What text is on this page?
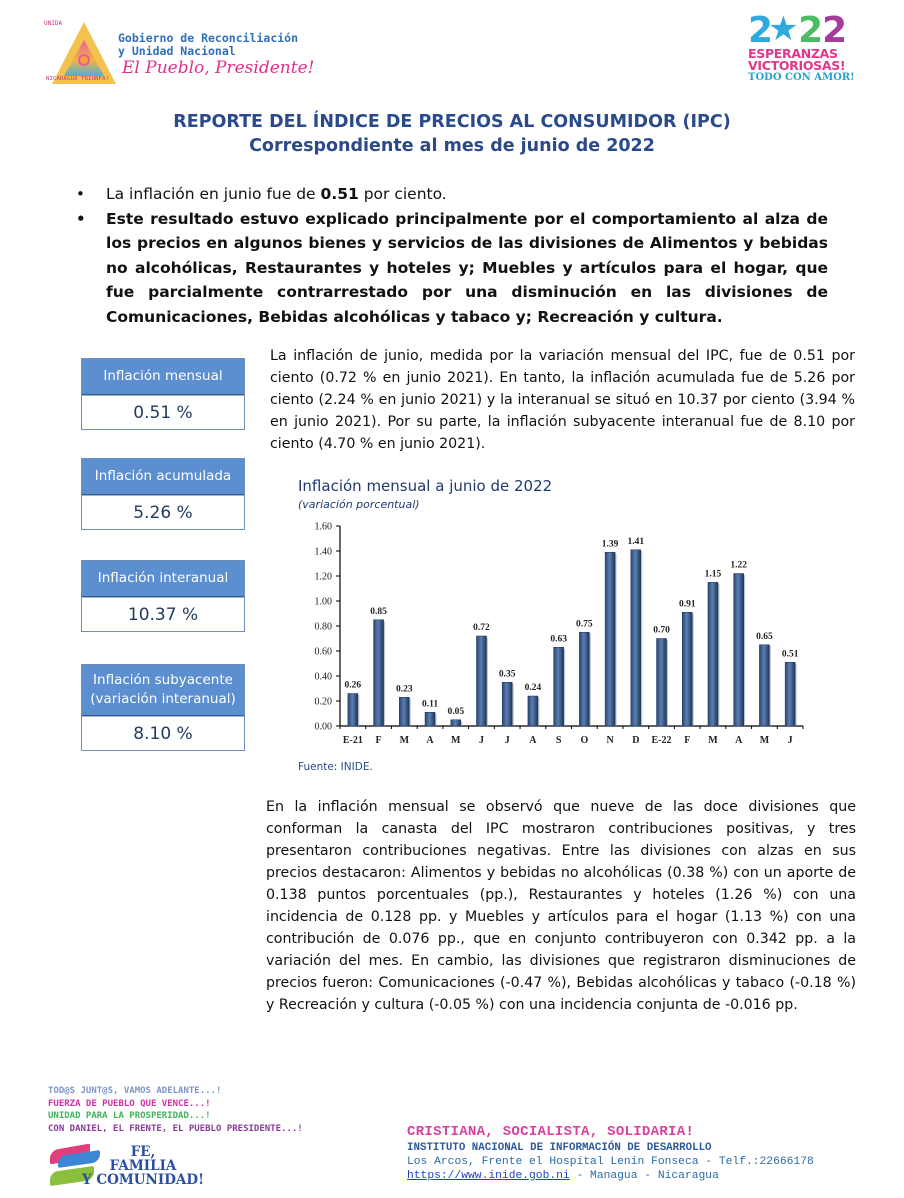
UNIDA
NICARAGUA TRIUNFA!
Gobierno de Reconciliación
y Unidad Nacional
El Pueblo, Presidente!
2
★ 2 2
ESPERANZAS
VICTORIOSAS!
TODO CON AMOR!
REPORTE DEL ÍNDICE DE PRECIOS AL CONSUMIDOR (IPC)
Correspondiente al mes de junio de 2022
• La inflación en junio fue de 0.51 por ciento.
• Este resultado estuvo explicado principalmente por el comportamiento al alza de los precios en algunos bienes y servicios de las divisiones de Alimentos y bebidas no alcohólicas, Restaurantes y hoteles y; Muebles y artículos para el hogar, que fue parcialmente contrarrestado por una disminución en las divisiones de Comunicaciones, Bebidas alcohólicas y tabaco y; Recreación y cultura.
Inflación mensual
0.51 %
Inflación acumulada
5.26 %
Inflación interanual
10.37 %
Inflación subyacente (variación interanual)
8.10 %

La inflación de junio, medida por la variación mensual del IPC, fue de 0.51 por ciento (0.72 % en junio 2021). En tanto, la inflación acumulada fue de 5.26 por ciento (2.24 % en junio 2021) y la interanual se situó en 10.37 por ciento (3.94 % en junio 2021). Por su parte, la inflación subyacente interanual fue de 8.10 por ciento (4.70 % en junio 2021).

Inflación mensual a junio de 2022
(variación porcentual)
0.00
0.20
0.40
0.60
0.80
1.00
1.20
1.40
1.60
0.26
E-21
0.85
F
0.23
M
0.11
A
0.05
M
0.72
J
0.35
J
0.24
A
0.63
S
0.75
O
1.39
N
1.41
D
0.70
E-22
0.91
F
1.15
M
1.22
A
0.65
M
0.51
J
Fuente: INIDE.

En la inflación mensual se observó que nueve de las doce divisiones que conforman la canasta del IPC mostraron contribuciones positivas, y tres presentaron contribuciones negativas. Entre las divisiones con alzas en sus precios destacaron: Alimentos y bebidas no alcohólicas (0.38 %) con un aporte de 0.138 puntos porcentuales (pp.), Restaurantes y hoteles (1.26 %) con una incidencia de 0.128 pp. y Muebles y artículos para el hogar (1.13 %) con una contribución de 0.076 pp., que en conjunto contribuyeron con 0.342 pp. a la variación del mes. En cambio, las divisiones que registraron disminuciones de precios fueron: Comunicaciones (-0.47 %), Bebidas alcohólicas y tabaco (-0.18 %) y Recreación y cultura (-0.05 %) con una incidencia conjunta de -0.016 pp.

TOD@S JUNT@S, VAMOS ADELANTE...!
FUERZA DE PUEBLO QUE VENCE...!
UNIDAD PARA LA PROSPERIDAD...!
CON DANIEL, EL FRENTE, EL PUEBLO PRESIDENTE...!
FE,
FAMILIA
Y COMUNIDAD!
CRISTIANA, SOCIALISTA, SOLIDARIA!
INSTITUTO NACIONAL DE INFORMACIÓN DE DESARROLLO
Los Arcos, Frente el Hospital Lenin Fonseca - Telf.:22666178
https://www.inide.gob.ni - Managua - Nicaragua
